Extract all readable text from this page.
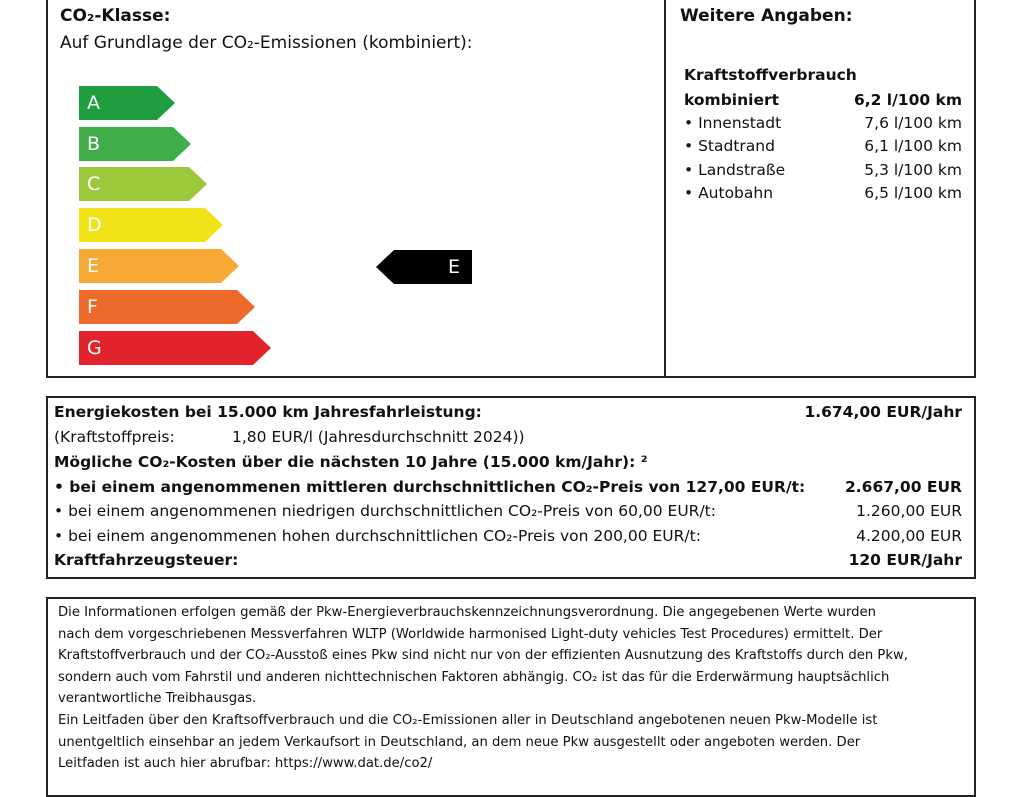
CO₂-Klasse:
Auf Grundlage der CO₂-Emissionen (kombiniert):
A
B
C
D
E
F
G
E
Weitere Angaben:
Kraftstoffverbrauch
kombiniert	6,2 l/100 km
• Innenstadt	7,6 l/100 km
• Stadtrand	6,1 l/100 km
• Landstraße	5,3 l/100 km
• Autobahn	6,5 l/100 km
Energiekosten bei 15.000 km Jahresfahrleistung:	1.674,00 EUR/Jahr
(Kraftstoffpreis:	1,80 EUR/l (Jahresdurchschnitt 2024))
Mögliche CO₂-Kosten über die nächsten 10 Jahre (15.000 km/Jahr): ²
• bei einem angenommenen mittleren durchschnittlichen CO₂-Preis von 127,00 EUR/t:	2.667,00 EUR
• bei einem angenommenen niedrigen durchschnittlichen CO₂-Preis von 60,00 EUR/t:	1.260,00 EUR
• bei einem angenommenen hohen durchschnittlichen CO₂-Preis von 200,00 EUR/t:	4.200,00 EUR
Kraftfahrzeugsteuer:	120 EUR/Jahr
Die Informationen erfolgen gemäß der Pkw-Energieverbrauchskennzeichnungsverordnung. Die angegebenen Werte wurden
nach dem vorgeschriebenen Messverfahren WLTP (Worldwide harmonised Light-duty vehicles Test Procedures) ermittelt. Der
Kraftstoffverbrauch und der CO₂-Ausstoß eines Pkw sind nicht nur von der effizienten Ausnutzung des Kraftstoffs durch den Pkw,
sondern auch vom Fahrstil und anderen nichttechnischen Faktoren abhängig. CO₂ ist das für die Erderwärmung hauptsächlich
verantwortliche Treibhausgas.
Ein Leitfaden über den Kraftsoffverbrauch und die CO₂-Emissionen aller in Deutschland angebotenen neuen Pkw-Modelle ist
unentgeltlich einsehbar an jedem Verkaufsort in Deutschland, an dem neue Pkw ausgestellt oder angeboten werden. Der
Leitfaden ist auch hier abrufbar: https://www.dat.de/co2/
